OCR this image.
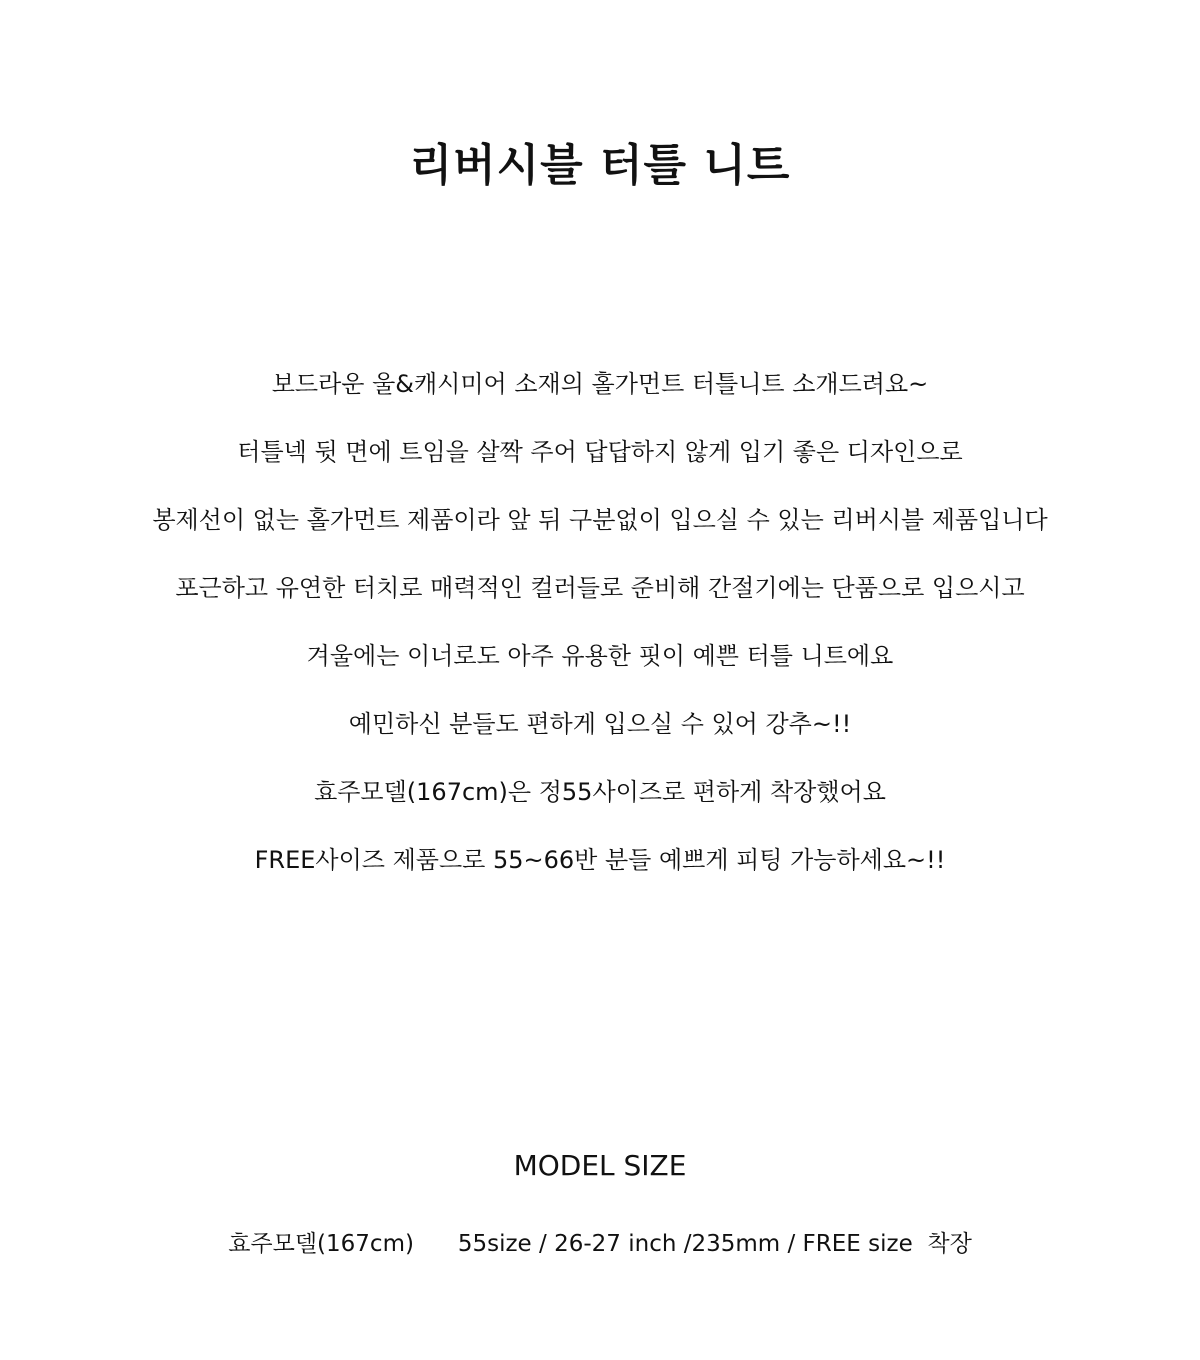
리버시블 터틀 니트
보드라운 울&캐시미어 소재의 홀가먼트 터틀니트 소개드려요~
터틀넥 뒷 면에 트임을 살짝 주어 답답하지 않게 입기 좋은 디자인으로
봉제선이 없는 홀가먼트 제품이라 앞 뒤 구분없이 입으실 수 있는 리버시블 제품입니다
포근하고 유연한 터치로 매력적인 컬러들로 준비해 간절기에는 단품으로 입으시고
겨울에는 이너로도 아주 유용한 핏이 예쁜 터틀 니트에요
예민하신 분들도 편하게 입으실 수 있어 강추~!!
효주모델(167cm)은 정55사이즈로 편하게 착장했어요
FREE사이즈 제품으로 55~66반 분들 예쁘게 피팅 가능하세요~!!
MODEL SIZE
효주모델(167cm) 55size / 26-27 inch /235mm / FREE size  착장
